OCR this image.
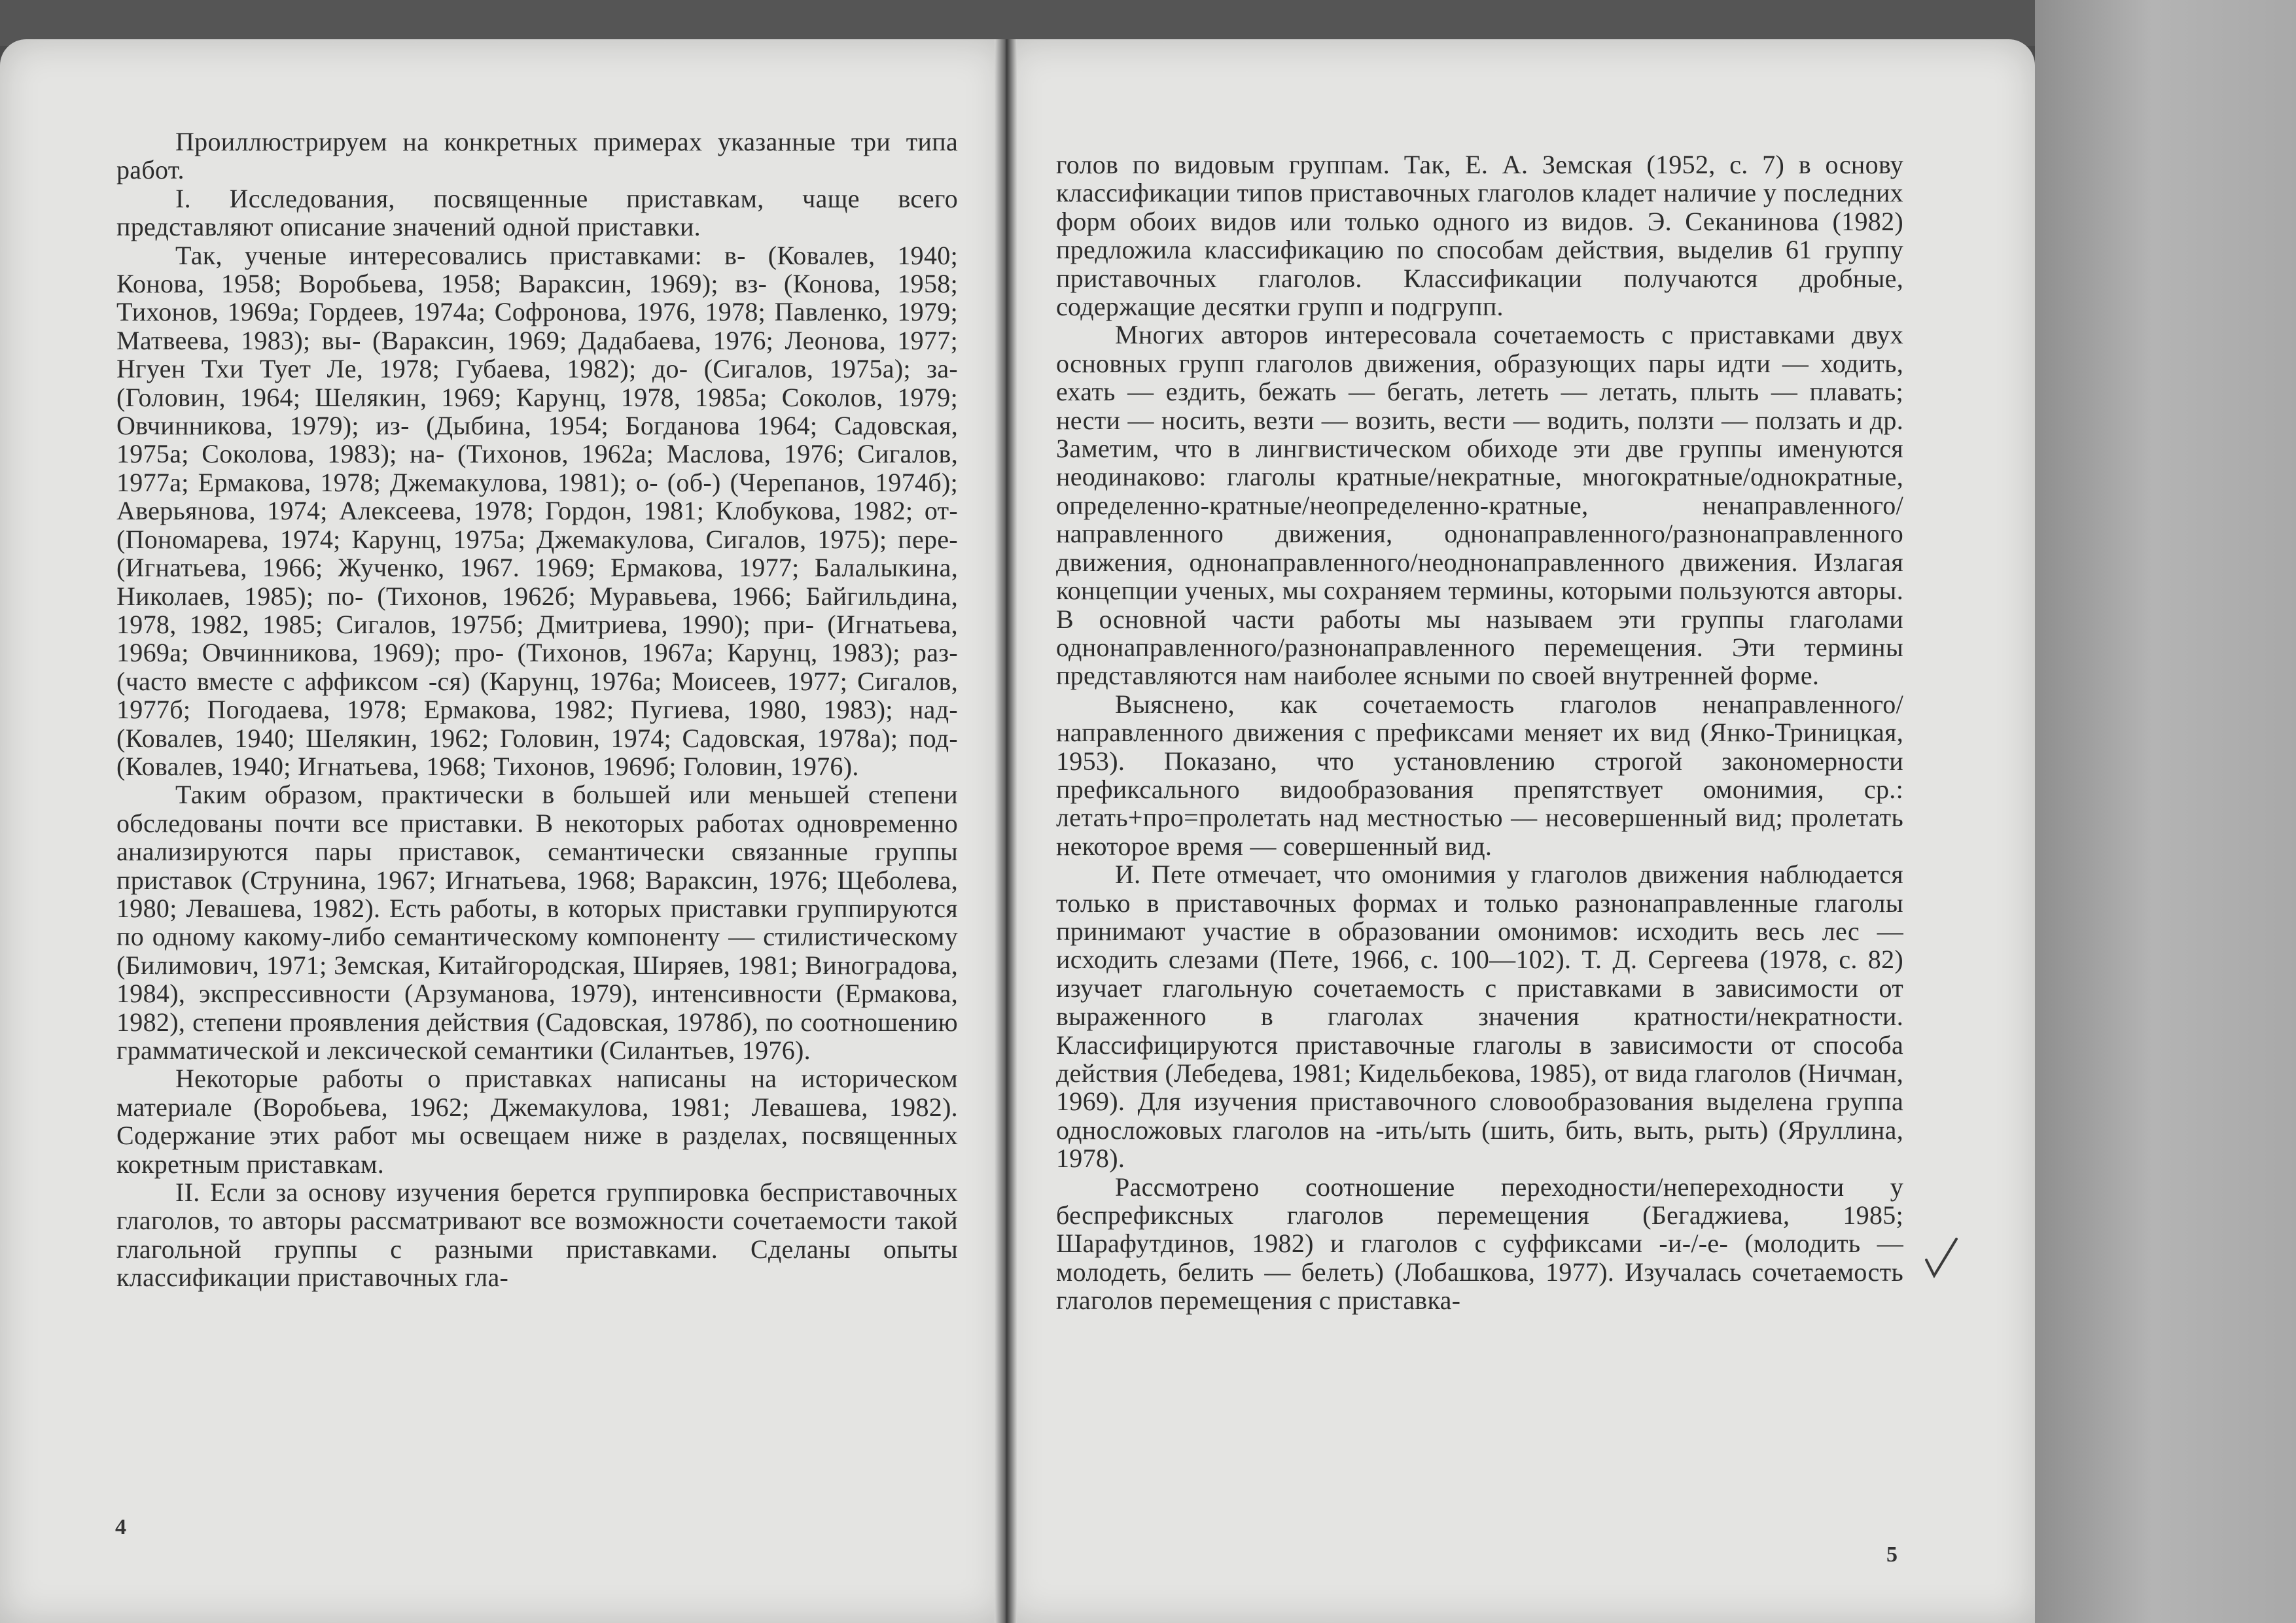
Проиллюстрируем на конкретных примерах указанные три типа работ.

I. Исследования, посвященные приставкам, чаще всего представляют описание значений одной приставки.

Так, ученые интересовались приставками: в- (Ковалев, 1940; Конова, 1958; Воробьева, 1958; Вараксин, 1969); вз- (Конова, 1958; Тихонов, 1969а; Гордеев, 1974а; Софронова, 1976, 1978; Павленко, 1979; Матвеева, 1983); вы- (Вараксин, 1969; Дадабаева, 1976; Леонова, 1977; Нгуен Тхи Тует Ле, 1978; Губаева, 1982); до- (Сигалов, 1975а); за- (Головин, 1964; Шелякин, 1969; Карунц, 1978, 1985а; Соколов, 1979; Овчинникова, 1979); из- (Дыбина, 1954; Богданова 1964; Садовская, 1975а; Соколова, 1983); на- (Тихонов, 1962а; Маслова, 1976; Сигалов, 1977а; Ермакова, 1978; Джемакулова, 1981); о- (об-) (Черепанов, 1974б); Аверьянова, 1974; Алексеева, 1978; Гордон, 1981; Клобукова, 1982; от- (Пономарева, 1974; Карунц, 1975а; Джемакулова, Сигалов, 1975); пере- (Игнатьева, 1966; Жученко, 1967. 1969; Ермакова, 1977; Балалыкина, Николаев, 1985); по- (Тихонов, 1962б; Муравьева, 1966; Байгильдина, 1978, 1982, 1985; Сигалов, 1975б; Дмитриева, 1990); при- (Игнатьева, 1969а; Овчинникова, 1969); про- (Тихонов, 1967а; Карунц, 1983); раз- (часто вместе с аффиксом -ся) (Карунц, 1976а; Моисеев, 1977; Сигалов, 1977б; Погодаева, 1978; Ермакова, 1982; Пугиева, 1980, 1983); над- (Ковалев, 1940; Шелякин, 1962; Головин, 1974; Садовская, 1978а); под- (Ковалев, 1940; Игнатьева, 1968; Тихонов, 1969б; Головин, 1976).

Таким образом, практически в большей или меньшей степени обследованы почти все приставки. В некоторых работах одновременно анализируются пары приставок, семантически связанные группы приставок (Струнина, 1967; Игнатьева, 1968; Вараксин, 1976; Щеболева, 1980; Левашева, 1982). Есть работы, в которых приставки группируются по одному какому-либо семантическому компоненту — стилистическому (Билимович, 1971; Земская, Китайгородская, Ширяев, 1981; Виноградова, 1984), экспрессивности (Арзуманова, 1979), интенсивности (Ермакова, 1982), степени проявления действия (Садовская, 1978б), по соотношению грамматической и лексической семантики (Силантьев, 1976).

Некоторые работы о приставках написаны на историческом материале (Воробьева, 1962; Джемакулова, 1981; Левашева, 1982). Содержание этих работ мы освещаем ниже в разделах, посвященных кокретным приставкам.

II. Если за основу изучения берется группировка бесприставочных глаголов, то авторы рассматривают все возможности сочетаемости такой глагольной группы с разными приставками. Сделаны опыты классификации приставочных гла-

голов по видовым группам. Так, Е. А. Земская (1952, с. 7) в основу классификации типов приставочных глаголов кладет наличие у последних форм обоих видов или только одного из видов. Э. Секанинова (1982) предложила классификацию по способам действия, выделив 61 группу приставочных глаголов. Классификации получаются дробные, содержащие десятки групп и подгрупп.

Многих авторов интересовала сочетаемость с приставками двух основных групп глаголов движения, образующих пары идти — ходить, ехать — ездить, бежать — бегать, лететь — летать, плыть — плавать; нести — носить, везти — возить, вести — водить, ползти — ползать и др. Заметим, что в лингвистическом обиходе эти две группы именуются неодинаково: глаголы кратные/некратные, многократные/однократные, определенно-кратные/неопределенно-кратные, ненаправленного/направленного движения, однонаправленного/разнонаправленного движения, однонаправленного/неоднонаправленного движения. Излагая концепции ученых, мы сохраняем термины, которыми пользуются авторы. В основной части работы мы называем эти группы глаголами однонаправленного/разнонаправленного перемещения. Эти термины представляются нам наиболее ясными по своей внутренней форме.

Выяснено, как сочетаемость глаголов ненаправленного/направленного движения с префиксами меняет их вид (Янко-Триницкая, 1953). Показано, что установлению строгой закономерности префиксального видообразования препятствует омонимия, ср.: летать+про=пролетать над местностью — несовершенный вид; пролетать некоторое время — совершенный вид.

И. Пете отмечает, что омонимия у глаголов движения наблюдается только в приставочных формах и только разнонаправленные глаголы принимают участие в образовании омонимов: исходить весь лес — исходить слезами (Пете, 1966, с. 100—102). Т. Д. Сергеева (1978, с. 82) изучает глагольную сочетаемость с приставками в зависимости от выраженного в глаголах значения кратности/некратности. Классифицируются приставочные глаголы в зависимости от способа действия (Лебедева, 1981; Кидельбекова, 1985), от вида глаголов (Ничман, 1969). Для изучения приставочного словообразования выделена группа односложовых глаголов на -ить/ыть (шить, бить, выть, рыть) (Яруллина, 1978).

Рассмотрено соотношение переходности/непереходности у беспрефиксных глаголов перемещения (Бегаджиева, 1985; Шарафутдинов, 1982) и глаголов с суффиксами -и-/-е- (молодить — молодеть, белить — белеть) (Лобашкова, 1977). Изучалась сочетаемость глаголов перемещения с приставка-

4
5
